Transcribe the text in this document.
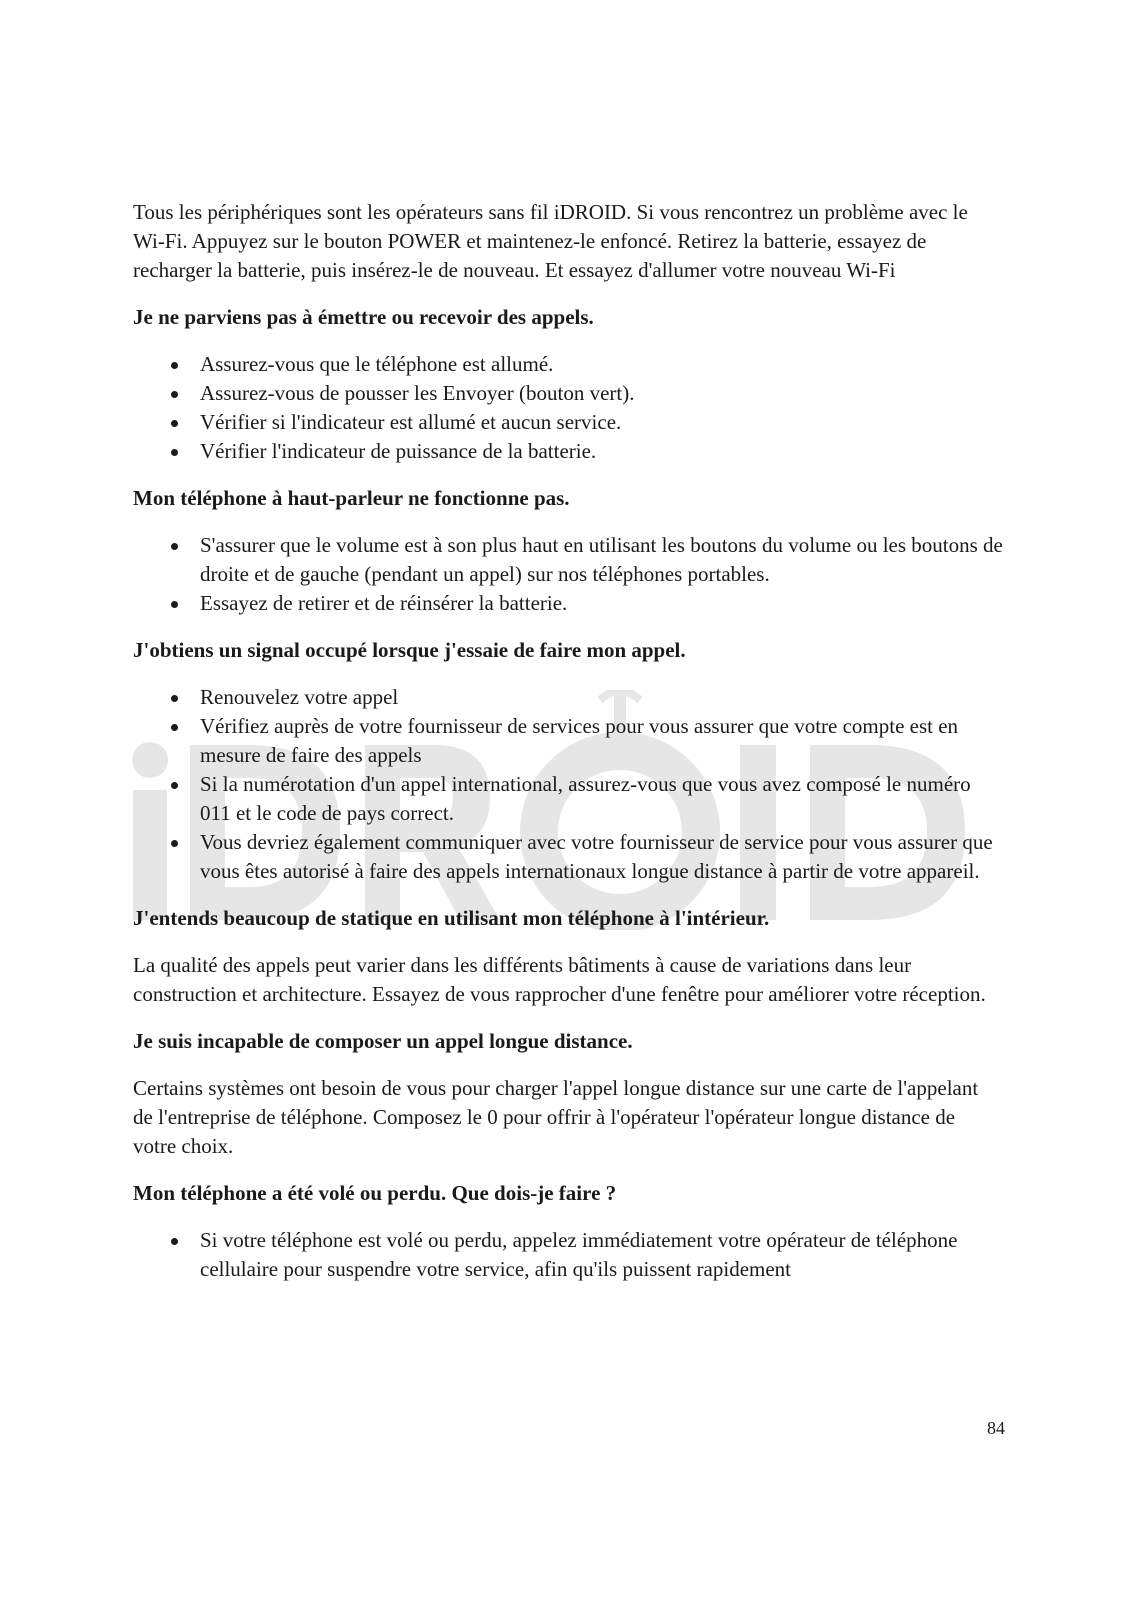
Tous les périphériques sont les opérateurs sans fil iDROID. Si vous rencontrez un problème avec le Wi-Fi. Appuyez sur le bouton POWER et maintenez-le enfoncé. Retirez la batterie, essayez de recharger la batterie, puis insérez-le de nouveau. Et essayez d'allumer votre nouveau Wi-Fi

Je ne parviens pas à émettre ou recevoir des appels.

Assurez-vous que le téléphone est allumé.
Assurez-vous de pousser les Envoyer (bouton vert).
Vérifier si l'indicateur est allumé et aucun service.
Vérifier l'indicateur de puissance de la batterie.

Mon téléphone à haut-parleur ne fonctionne pas.

S'assurer que le volume est à son plus haut en utilisant les boutons du volume ou les boutons de droite et de gauche (pendant un appel) sur nos téléphones portables.
Essayez de retirer et de réinsérer la batterie.

J'obtiens un signal occupé lorsque j'essaie de faire mon appel.

Renouvelez votre appel
Vérifiez auprès de votre fournisseur de services pour vous assurer que votre compte est en mesure de faire des appels
Si la numérotation d'un appel international, assurez-vous que vous avez composé le numéro 011 et le code de pays correct.
Vous devriez également communiquer avec votre fournisseur de service pour vous assurer que vous êtes autorisé à faire des appels internationaux longue distance à partir de votre appareil.

J'entends beaucoup de statique en utilisant mon téléphone à l'intérieur.

La qualité des appels peut varier dans les différents bâtiments à cause de variations dans leur construction et architecture. Essayez de vous rapprocher d'une fenêtre pour améliorer votre réception.

Je suis incapable de composer un appel longue distance.

Certains systèmes ont besoin de vous pour charger l'appel longue distance sur une carte de l'appelant de l'entreprise de téléphone. Composez le 0 pour offrir à l'opérateur l'opérateur longue distance de votre choix.

Mon téléphone a été volé ou perdu. Que dois-je faire ?

Si votre téléphone est volé ou perdu, appelez immédiatement votre opérateur de téléphone cellulaire pour suspendre votre service, afin qu'ils puissent rapidement
84
